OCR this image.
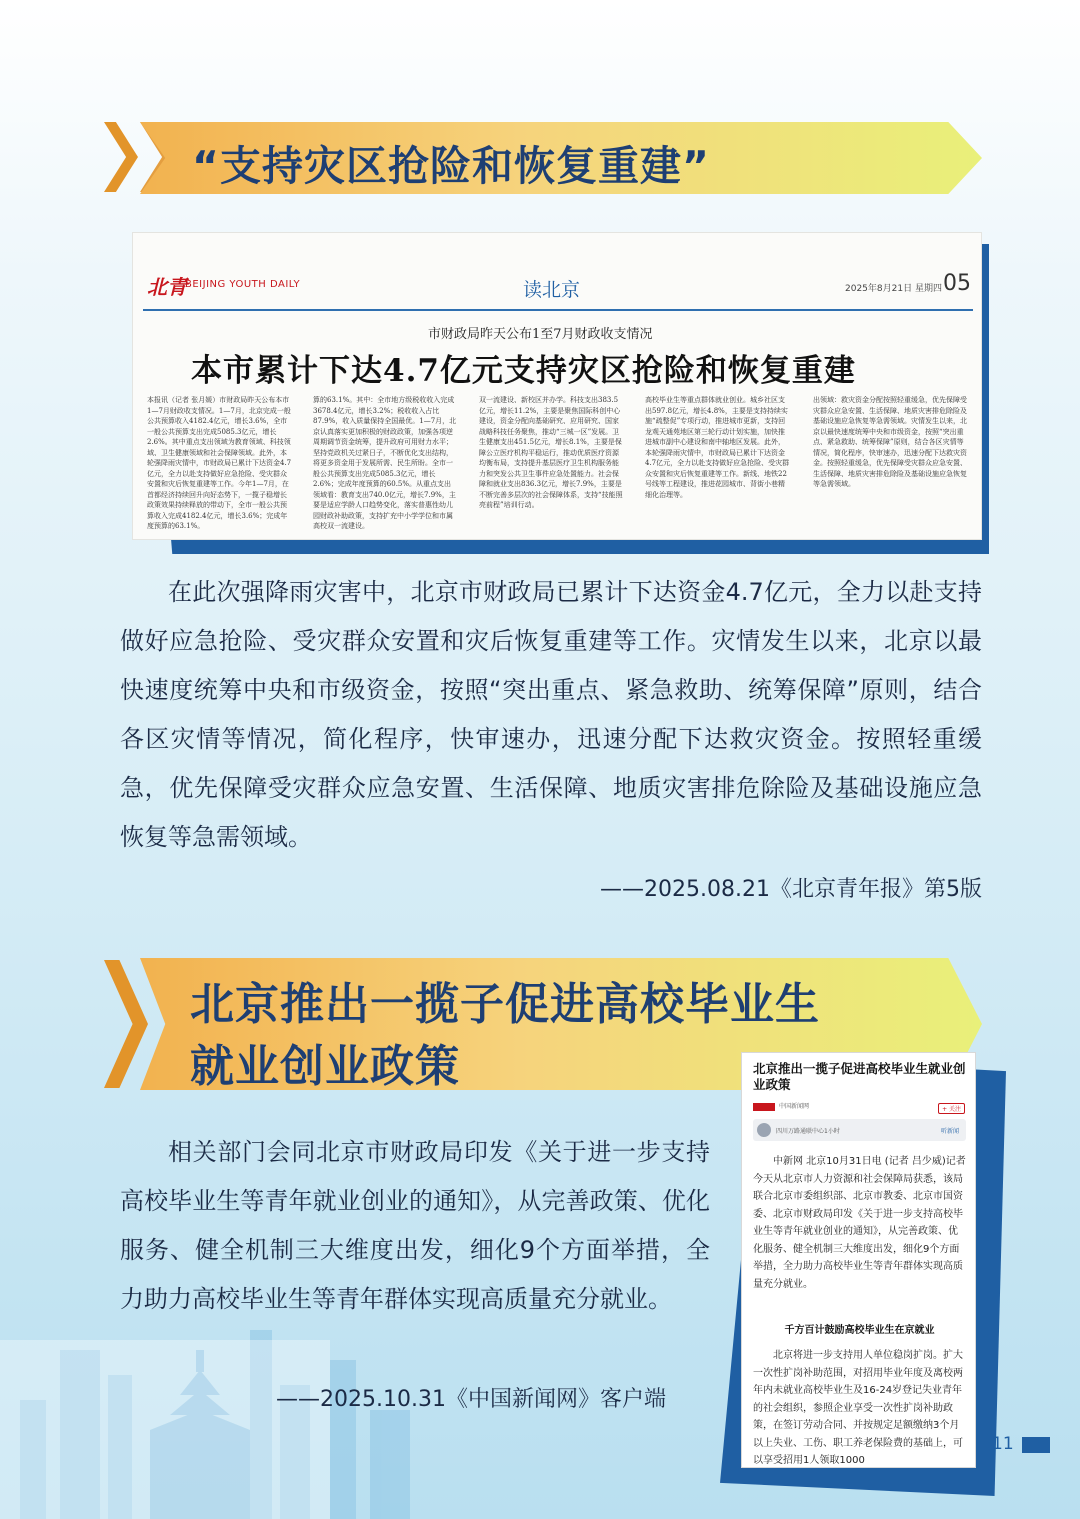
“支持灾区抢险和恢复重建”
北青
BEIJING YOUTH DAILY	读北京	2025年8月21日 星期四 05
市财政局昨天公布1至7月财政收支情况
本市累计下达4.7亿元支持灾区抢险和恢复重建
本报讯（记者 张月媛）市财政局昨天公布本市1—7月财政收支情况。1—7月，北京完成一般公共预算收入4182.4亿元，增长3.6%，全市一般公共预算支出完成5085.3亿元，增长2.6%。其中重点支出领域为教育领域、科技领域、卫生健康领域和社会保障领域。此外，本轮强降雨灾情中，市财政局已累计下达资金4.7亿元，全力以赴支持做好应急抢险、受灾群众安置和灾后恢复重建等工作。今年1—7月，在首都经济持续回升向好态势下，一揽子稳增长政策效果持续释放的带动下，全市一般公共预算收入完成4182.4亿元，增长3.6%；完成年度预算的63.1%。
算的63.1%。其中：全市地方级税收收入完成3678.4亿元，增长3.2%；税收收入占比87.9%，收入质量保持全国最优。1—7月，北京认真落实更加积极的财政政策，加强各项逆周期调节资金统筹，提升政府可用财力水平；坚持党政机关过紧日子，不断优化支出结构，将更多资金用于发展所需、民生所盼。全市一般公共预算支出完成5085.3亿元，增长2.6%；完成年度预算的60.5%。从重点支出领域看：教育支出740.0亿元，增长7.9%，主要是适应学龄人口趋势变化，落实普惠性幼儿园财政补助政策，支持扩充中小学学位和市属高校双一流建设。
双一流建设、新校区并办学。科技支出383.5亿元，增长11.2%，主要是聚焦国际科创中心建设，资金分配向基础研究、应用研究、国家战略科技任务聚焦，推动“三城一区”发展。卫生健康支出451.5亿元，增长8.1%，主要是保障公立医疗机构平稳运行，推动优质医疗资源均衡布局，支持提升基层医疗卫生机构服务能力和突发公共卫生事件应急处置能力。社会保障和就业支出836.3亿元，增长7.9%，主要是不断完善多层次的社会保障体系，支持“技能照亮前程”培训行动。
高校毕业生等重点群体就业创业。城乡社区支出597.8亿元，增长4.8%，主要是支持持续实施“疏整促”专项行动，推进城市更新，支持回龙观天通苑地区第三轮行动计划实施，加快推进城市副中心建设和南中轴地区发展。此外，本轮强降雨灾情中，市财政局已累计下达资金4.7亿元，全力以赴支持做好应急抢险、受灾群众安置和灾后恢复重建等工作。新线、地铁22号线等工程建设，推进花园城市、背街小巷精细化治理等。
出领域：救灾资金分配按照轻重缓急，优先保障受灾群众应急安置、生活保障、地质灾害排危除险及基础设施应急恢复等急需领域。灾情发生以来，北京以最快速度统筹中央和市级资金，按照“突出重点、紧急救助、统筹保障”原则，结合各区灾情等情况，简化程序，快审速办，迅速分配下达救灾资金。按照轻重缓急，优先保障受灾群众应急安置、生活保障、地质灾害排危除险及基础设施应急恢复等急需领域。
在此次强降雨灾害中，北京市财政局已累计下达资金4.7亿元，全力以赴支持做好应急抢险、受灾群众安置和灾后恢复重建等工作。灾情发生以来，北京以最快速度统筹中央和市级资金，按照“突出重点、紧急救助、统筹保障”原则，结合各区灾情等情况，简化程序，快审速办，迅速分配下达救灾资金。按照轻重缓急，优先保障受灾群众应急安置、生活保障、地质灾害排危除险及基础设施应急恢复等急需领域。
——2025.08.21《北京青年报》第5版
北京推出一揽子促进高校毕业生
就业创业政策
相关部门会同北京市财政局印发《关于进一步支持高校毕业生等青年就业创业的通知》，从完善政策、优化服务、健全机制三大维度出发，细化9个方面举措，全力助力高校毕业生等青年群体实现高质量充分就业。
——2025.10.31《中国新闻网》客户端
北京推出一揽子促进高校毕业生就业创业政策
中国新闻网	+ 关注
四川万路通联中心1小时	听新闻
中新网 北京10月31日电 (记者 吕少威)记者今天从北京市人力资源和社会保障局获悉，该局联合北京市委组织部、北京市教委、北京市国资委、北京市财政局印发《关于进一步支持高校毕业生等青年就业创业的通知》，从完善政策、优化服务、健全机制三大维度出发，细化9个方面举措，全力助力高校毕业生等青年群体实现高质量充分就业。
千方百计鼓励高校毕业生在京就业
北京将进一步支持用人单位稳岗扩岗。扩大一次性扩岗补助范围，对招用毕业年度及离校两年内未就业高校毕业生及16-24岁登记失业青年的社会组织，参照企业享受一次性扩岗补助政策，在签订劳动合同、并按规定足额缴纳3个月以上失业、工伤、职工养老保险费的基础上，可以享受招用1人领取1000
11
